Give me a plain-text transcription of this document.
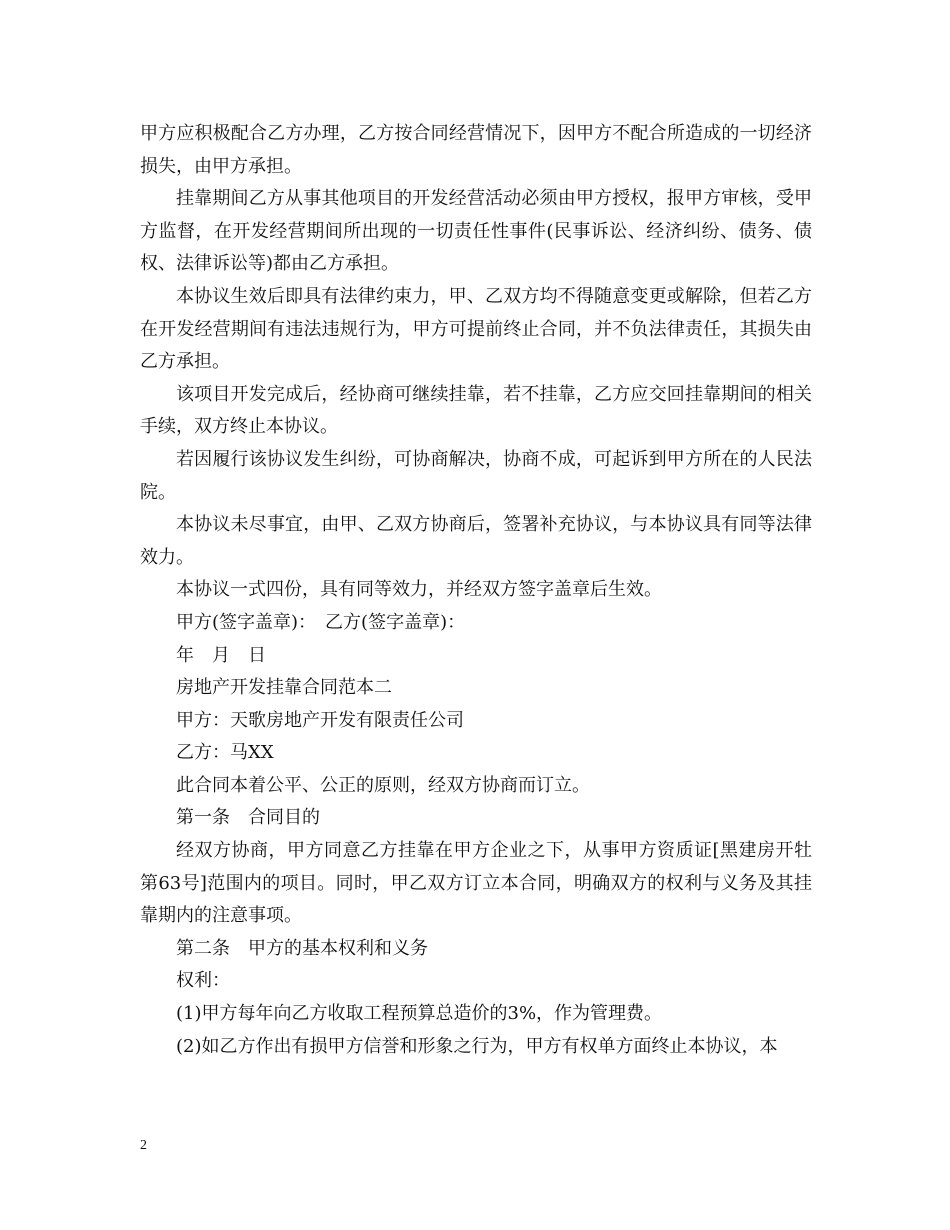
甲方应积极配合乙方办理，乙方按合同经营情况下，因甲方不配合所造成的一切经济损失，由甲方承担。

挂靠期间乙方从事其他项目的开发经营活动必须由甲方授权，报甲方审核，受甲方监督，在开发经营期间所出现的一切责任性事件(民事诉讼、经济纠纷、债务、债权、法律诉讼等)都由乙方承担。

本协议生效后即具有法律约束力，甲、乙双方均不得随意变更或解除，但若乙方在开发经营期间有违法违规行为，甲方可提前终止合同，并不负法律责任，其损失由乙方承担。

该项目开发完成后，经协商可继续挂靠，若不挂靠，乙方应交回挂靠期间的相关手续，双方终止本协议。

若因履行该协议发生纠纷，可协商解决，协商不成，可起诉到甲方所在的人民法院。

本协议未尽事宜，由甲、乙双方协商后，签署补充协议，与本协议具有同等法律效力。

本协议一式四份，具有同等效力，并经双方签字盖章后生效。

甲方(签字盖章)：　乙方(签字盖章)：

年　月　日

房地产开发挂靠合同范本二

甲方：天歌房地产开发有限责任公司

乙方：马XX

此合同本着公平、公正的原则，经双方协商而订立。

第一条　合同目的

经双方协商，甲方同意乙方挂靠在甲方企业之下，从事甲方资质证[黑建房开牡第63号]范围内的项目。同时，甲乙双方订立本合同，明确双方的权利与义务及其挂靠期内的注意事项。

第二条　甲方的基本权利和义务

权利：

(1)甲方每年向乙方收取工程预算总造价的3%，作为管理费。

(2)如乙方作出有损甲方信誉和形象之行为，甲方有权单方面终止本协议，本

2
